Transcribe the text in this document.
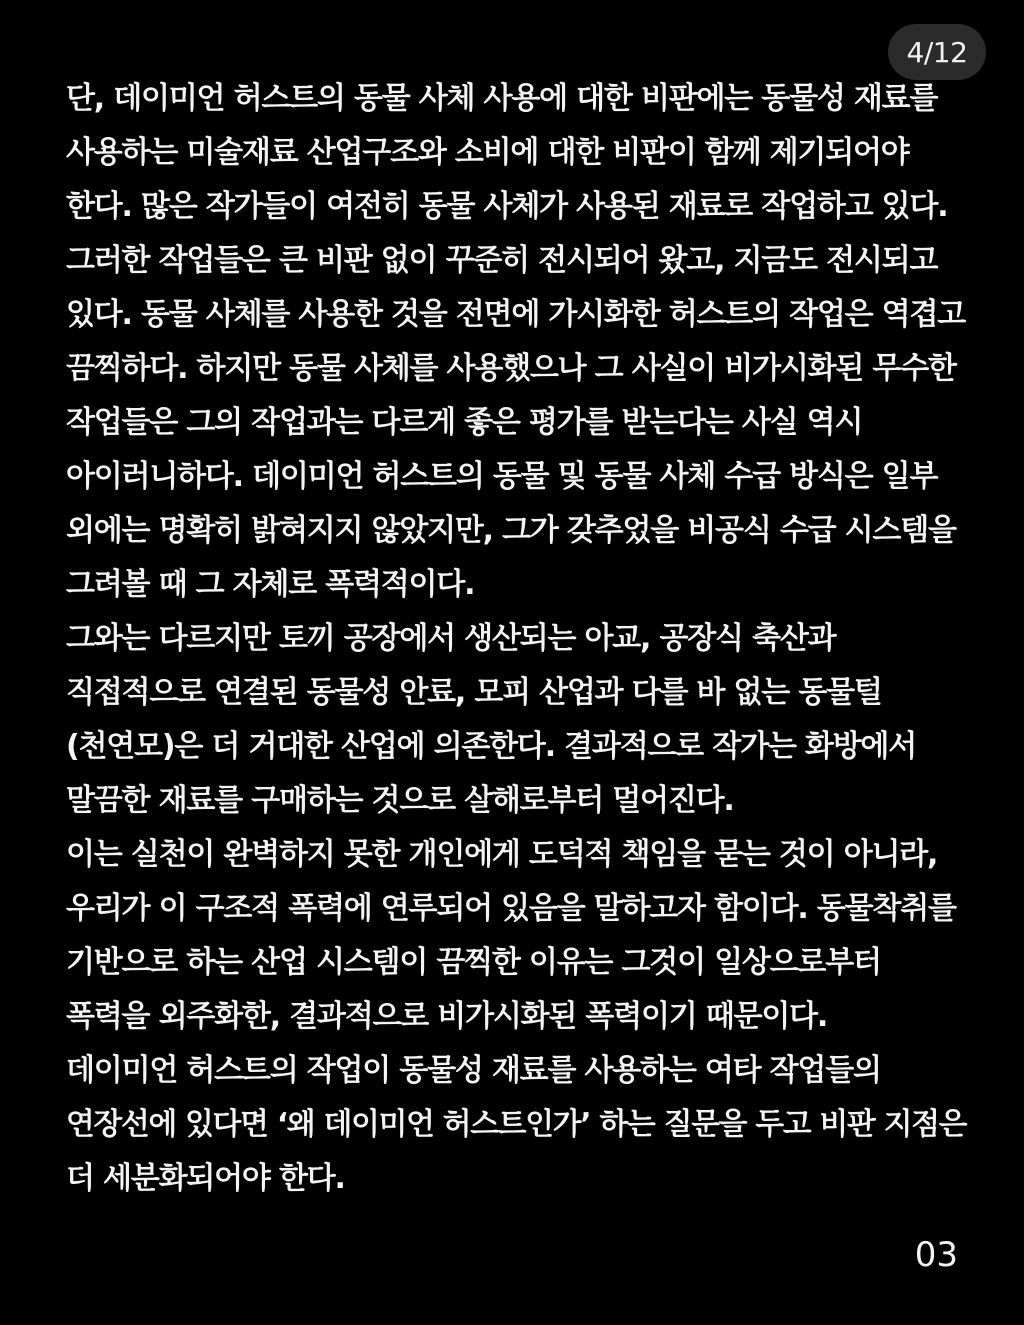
4/12
단, 데이미언 허스트의 동물 사체 사용에 대한 비판에는 동물성 재료를
사용하는 미술재료 산업구조와 소비에 대한 비판이 함께 제기되어야
한다. 많은 작가들이 여전히 동물 사체가 사용된 재료로 작업하고 있다.
그러한 작업들은 큰 비판 없이 꾸준히 전시되어 왔고, 지금도 전시되고
있다. 동물 사체를 사용한 것을 전면에 가시화한 허스트의 작업은 역겹고
끔찍하다. 하지만 동물 사체를 사용했으나 그 사실이 비가시화된 무수한
작업들은 그의 작업과는 다르게 좋은 평가를 받는다는 사실 역시
아이러니하다. 데이미언 허스트의 동물 및 동물 사체 수급 방식은 일부
외에는 명확히 밝혀지지 않았지만, 그가 갖추었을 비공식 수급 시스템을
그려볼 때 그 자체로 폭력적이다.
그와는 다르지만 토끼 공장에서 생산되는 아교, 공장식 축산과
직접적으로 연결된 동물성 안료, 모피 산업과 다를 바 없는 동물털
(천연모)은 더 거대한 산업에 의존한다. 결과적으로 작가는 화방에서
말끔한 재료를 구매하는 것으로 살해로부터 멀어진다.
이는 실천이 완벽하지 못한 개인에게 도덕적 책임을 묻는 것이 아니라,
우리가 이 구조적 폭력에 연루되어 있음을 말하고자 함이다. 동물착취를
기반으로 하는 산업 시스템이 끔찍한 이유는 그것이 일상으로부터
폭력을 외주화한, 결과적으로 비가시화된 폭력이기 때문이다.
데이미언 허스트의 작업이 동물성 재료를 사용하는 여타 작업들의
연장선에 있다면 ‘왜 데이미언 허스트인가’ 하는 질문을 두고 비판 지점은
더 세분화되어야 한다.
03
